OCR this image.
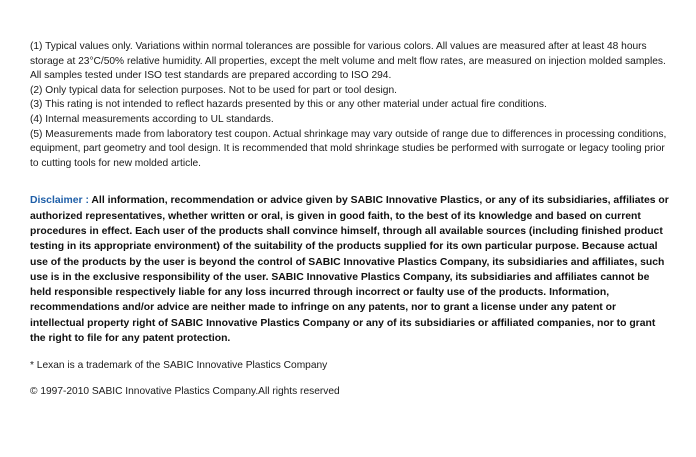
(1) Typical values only. Variations within normal tolerances are possible for various colors. All values are measured after at least 48 hours storage at 23°C/50% relative humidity. All properties, except the melt volume and melt flow rates, are measured on injection molded samples. All samples tested under ISO test standards are prepared according to ISO 294.

(2) Only typical data for selection purposes. Not to be used for part or tool design.

(3) This rating is not intended to reflect hazards presented by this or any other material under actual fire conditions.

(4) Internal measurements according to UL standards.

(5) Measurements made from laboratory test coupon. Actual shrinkage may vary outside of range due to differences in processing conditions, equipment, part geometry and tool design. It is recommended that mold shrinkage studies be performed with surrogate or legacy tooling prior to cutting tools for new molded article.

Disclaimer : All information, recommendation or advice given by SABIC Innovative Plastics, or any of its subsidiaries, affiliates or authorized representatives, whether written or oral, is given in good faith, to the best of its knowledge and based on current procedures in effect. Each user of the products shall convince himself, through all available sources (including finished product testing in its appropriate environment) of the suitability of the products supplied for its own particular purpose. Because actual use of the products by the user is beyond the control of SABIC Innovative Plastics Company, its subsidiaries and affiliates, such use is in the exclusive responsibility of the user. SABIC Innovative Plastics Company, its subsidiaries and affiliates cannot be held responsible respectively liable for any loss incurred through incorrect or faulty use of the products. Information, recommendations and/or advice are neither made to infringe on any patents, nor to grant a license under any patent or intellectual property right of SABIC Innovative Plastics Company or any of its subsidiaries or affiliated companies, nor to grant the right to file for any patent protection.
* Lexan is a trademark of the SABIC Innovative Plastics Company
© 1997-2010 SABIC Innovative Plastics Company.All rights reserved
